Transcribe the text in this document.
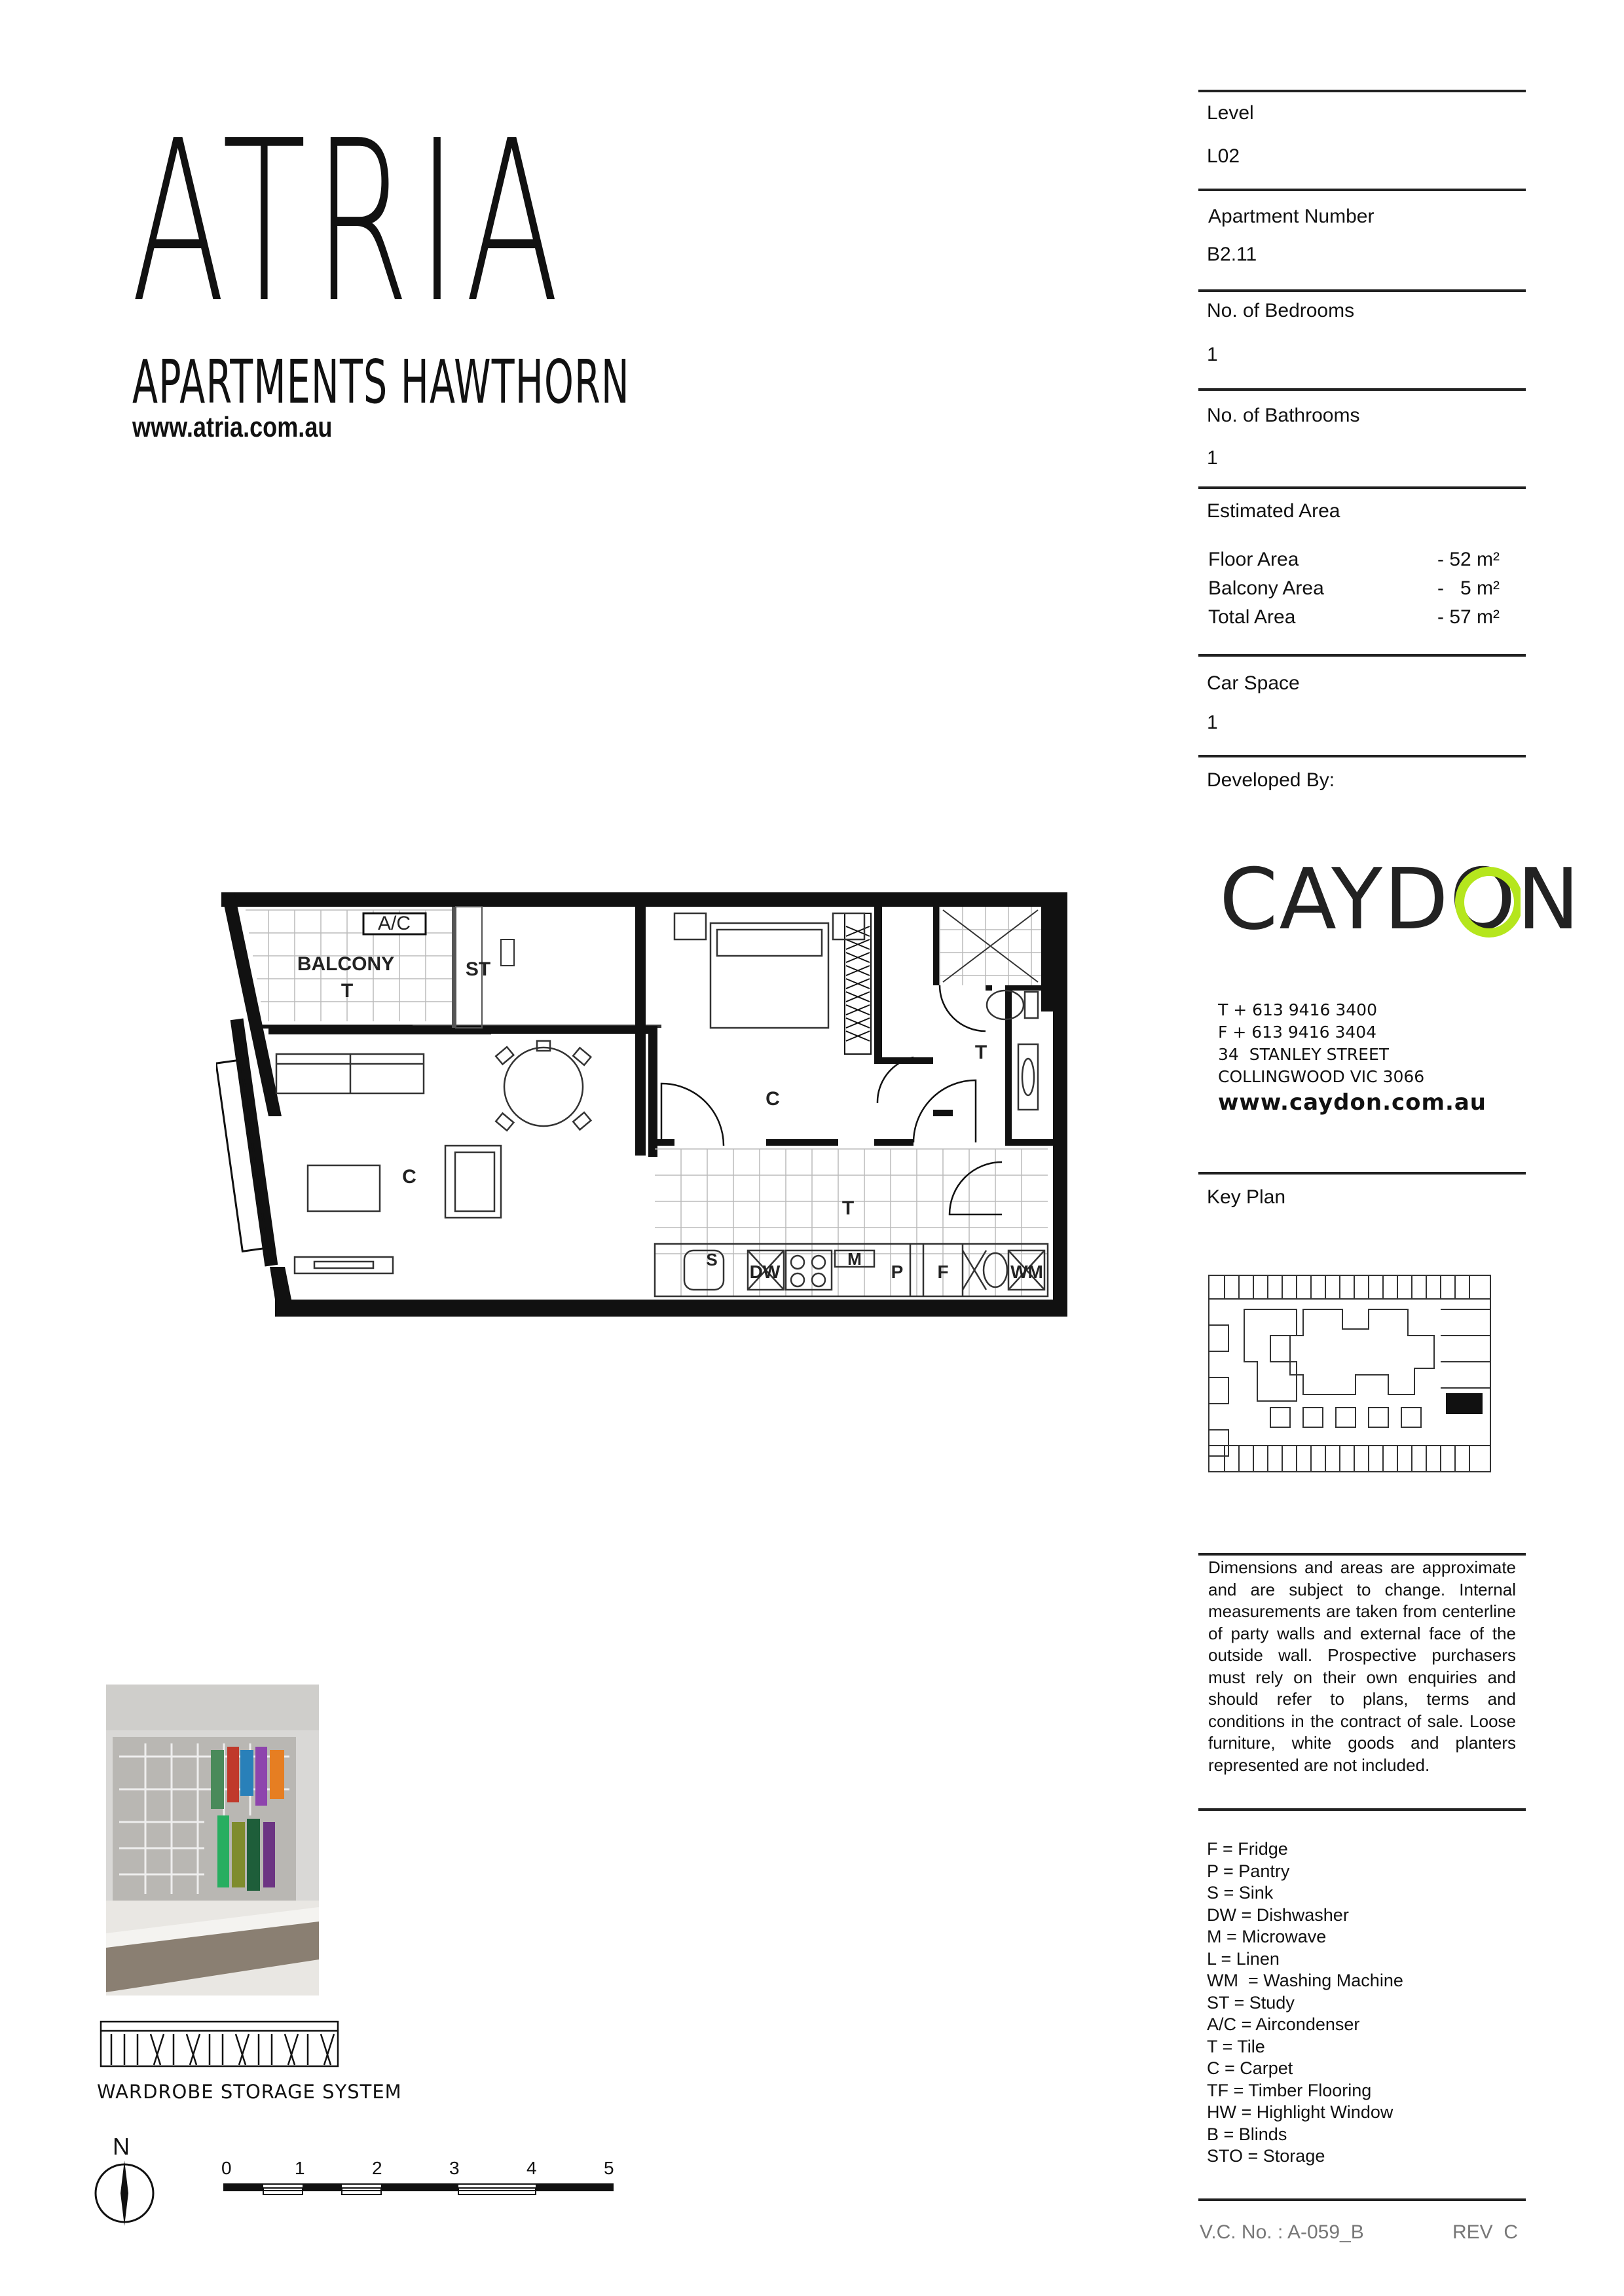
ATRIA
APARTMENTS HAWTHORN
www.atria.com.au
Level
L02
Apartment Number
B2.11
No. of Bedrooms
1
No. of Bathrooms
1
Estimated Area
Floor Area	- 52 m²
Balcony Area	-   5 m²
Total Area	- 57 m²
Car Space
1
Developed By:
CAYDO
N
T + 613 9416 3400
F + 613 9416 3404
34  STANLEY STREET
COLLINGWOOD VIC 3066
www.caydon.com.au
Key Plan
Dimensions and areas are approximate and are subject to change. Internal measurements are taken from centerline of party walls and external face of the outside wall. Prospective purchasers must rely on their own enquiries and should refer to plans, terms and conditions in the contract of sale. Loose furniture, white goods and planters represented are not included.
F = Fridge
P = Pantry
S = Sink
DW = Dishwasher
M = Microwave
L = Linen
WM  = Washing Machine
ST = Study
A/C = Aircondenser
T = Tile
C = Carpet
TF = Timber Flooring
HW = Highlight Window
B = Blinds
STO = Storage
V.C. No. : A-059_B	REV  C
A/C
BALCONY
T
ST
C
C
T
T
S
DW
M
P F	WM
WARDROBE STORAGE SYSTEM
N
0	1	2	3	4	5
